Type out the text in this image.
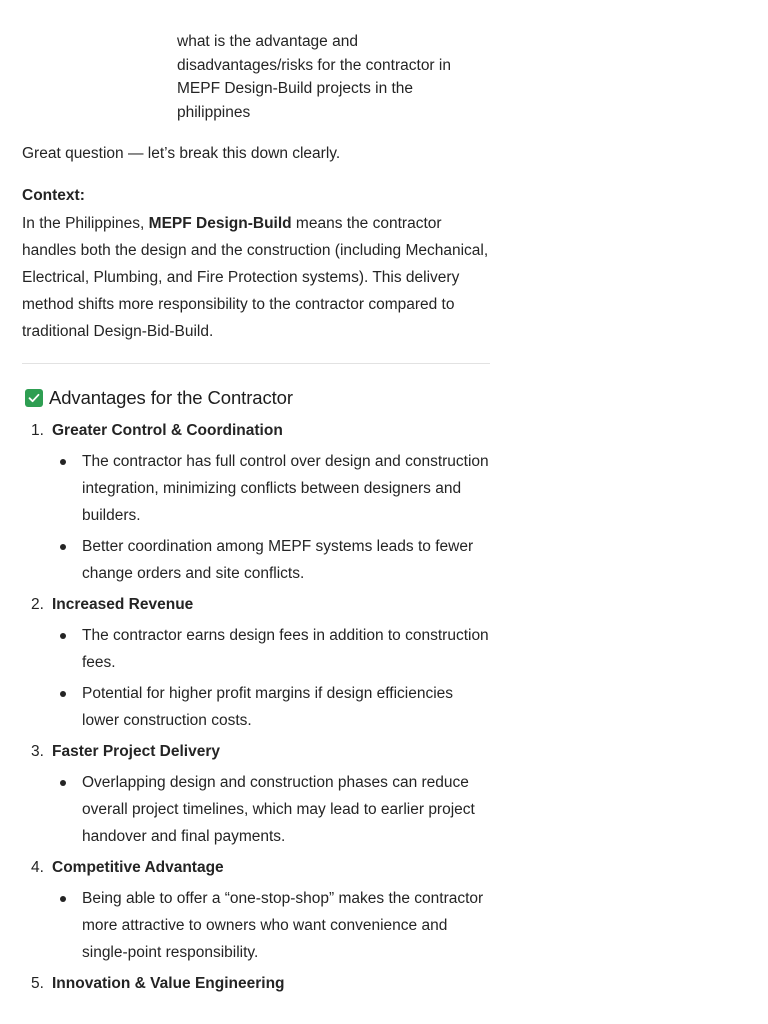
what is the advantage and disadvantages/risks for the contractor in MEPF Design-Build projects in the philippines

Great question — let’s break this down clearly.

Context:

In the Philippines, MEPF Design-Build means the contractor handles both the design and the construction (including Mechanical, Electrical, Plumbing, and Fire Protection systems). This delivery method shifts more responsibility to the contractor compared to traditional Design-Bid-Build.

Advantages for the Contractor
1. Greater Control & Coordination
The contractor has full control over design and construction integration, minimizing conflicts between designers and builders.
Better coordination among MEPF systems leads to fewer change orders and site conflicts.
2. Increased Revenue
The contractor earns design fees in addition to construction fees.
Potential for higher profit margins if design efficiencies lower construction costs.
3. Faster Project Delivery
Overlapping design and construction phases can reduce overall project timelines, which may lead to earlier project handover and final payments.
4. Competitive Advantage
Being able to offer a “one-stop-shop” makes the contractor more attractive to owners who want convenience and single-point responsibility.
5. Innovation & Value Engineering
